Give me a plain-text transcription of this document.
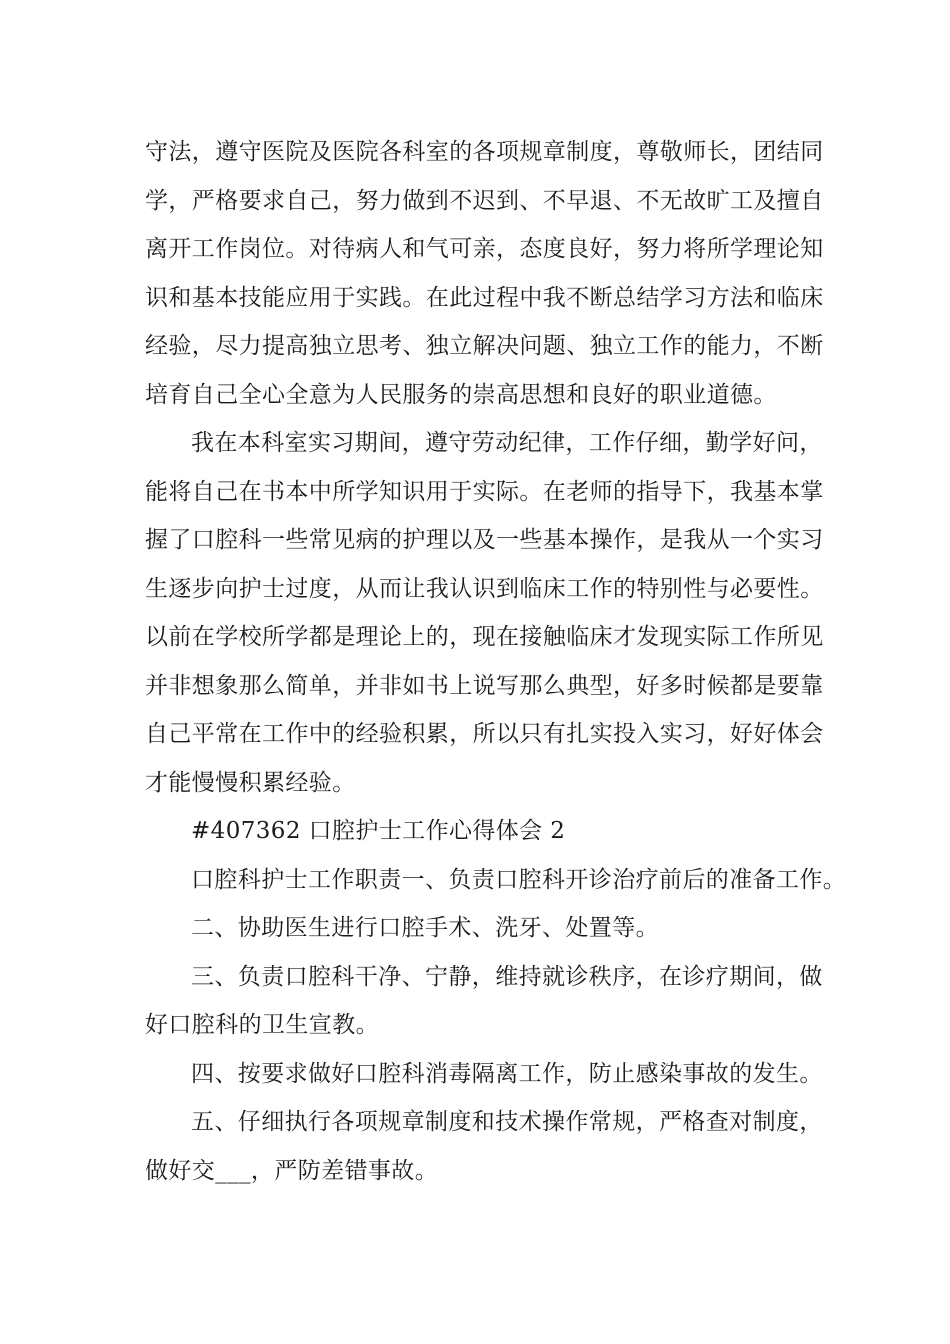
守法，遵守医院及医院各科室的各项规章制度，尊敬师长，团结同
学，严格要求自己，努力做到不迟到、不早退、不无故旷工及擅自
离开工作岗位。对待病人和气可亲，态度良好，努力将所学理论知
识和基本技能应用于实践。在此过程中我不断总结学习方法和临床
经验，尽力提高独立思考、独立解决问题、独立工作的能力，不断
培育自己全心全意为人民服务的崇高思想和良好的职业道德。
我在本科室实习期间，遵守劳动纪律，工作仔细，勤学好问，
能将自己在书本中所学知识用于实际。在老师的指导下，我基本掌
握了口腔科一些常见病的护理以及一些基本操作，是我从一个实习
生逐步向护士过度，从而让我认识到临床工作的特别性与必要性。
以前在学校所学都是理论上的，现在接触临床才发现实际工作所见
并非想象那么简单，并非如书上说写那么典型，好多时候都是要靠
自己平常在工作中的经验积累，所以只有扎实投入实习，好好体会
才能慢慢积累经验。
#407362 口腔护士工作心得体会 2
口腔科护士工作职责一、负责口腔科开诊治疗前后的准备工作。
二、协助医生进行口腔手术、洗牙、处置等。
三、负责口腔科干净、宁静，维持就诊秩序，在诊疗期间，做
好口腔科的卫生宣教。
四、按要求做好口腔科消毒隔离工作，防止感染事故的发生。
五、仔细执行各项规章制度和技术操作常规，严格查对制度，
做好交___，严防差错事故。
